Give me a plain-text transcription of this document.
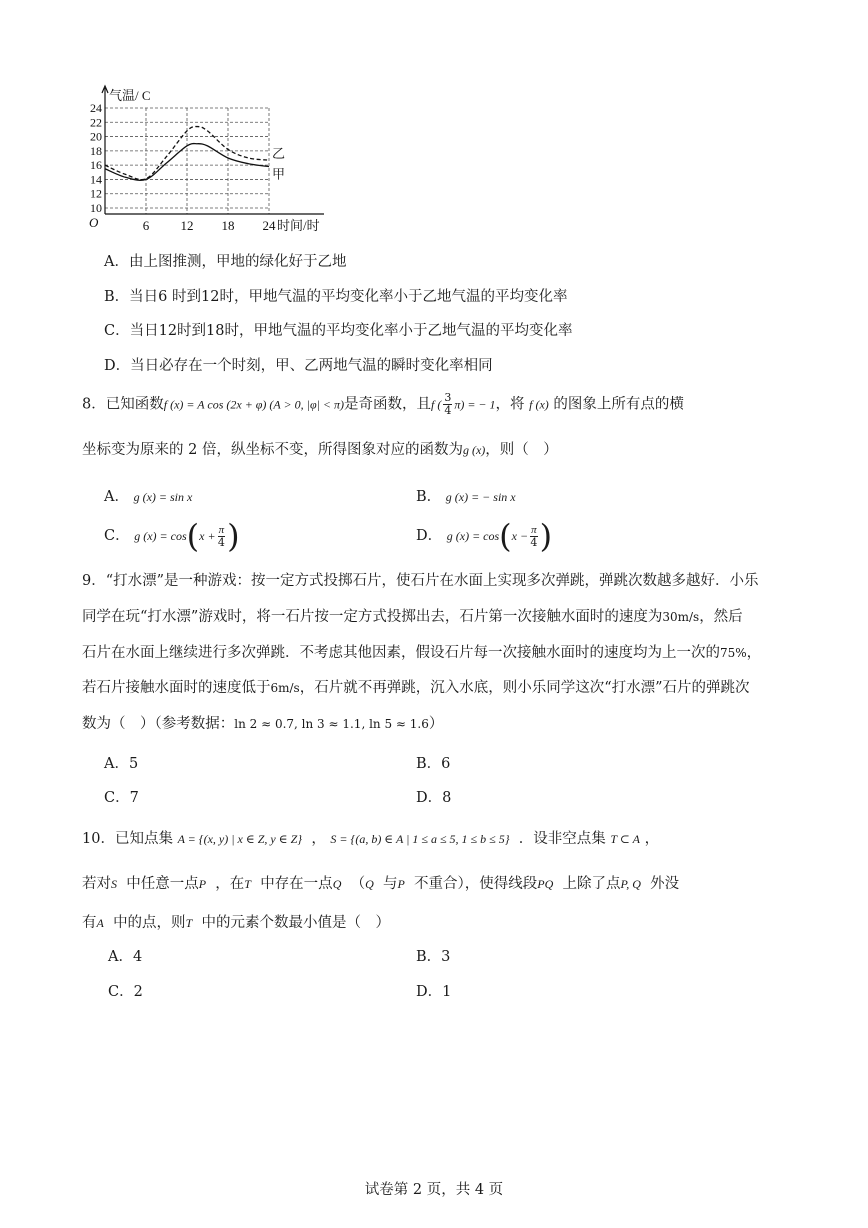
10
12
14
16
18
20
22
24
6 12 18 24
O
乙
甲
气温/ C
时间/时
A．由上图推测，甲地的绿化好于乙地
B．当日6 时到12时，甲地气温的平均变化率小于乙地气温的平均变化率
C．当日12时到18时，甲地气温的平均变化率小于乙地气温的平均变化率
D．当日必存在一个时刻，甲、乙两地气温的瞬时变化率相同
8．已知函数f (x) = A cos (2x + φ) (A > 0, |φ| < π)是奇函数，且f ( $\frac{3}{4} \pi$) = − 1，将 f (x) 的图象上所有点的横
坐标变为原来的 2 倍，纵坐标不变，所得图象对应的函数为g (x)，则（　）
A． g (x) = sin x	B． g (x) = − sin x
C． g $(x) = \cos(x + \frac{\pi}{4}$ )	D． g $(x) = \cos(x - \frac{\pi}{4}$ )
9．“打水漂”是一种游戏：按一定方式投掷石片，使石片在水面上实现多次弹跳，弹跳次数越多越好．小乐
同学在玩“打水漂”游戏时，将一石片按一定方式投掷出去，石片第一次接触水面时的速度为30m/s，然后
石片在水面上继续进行多次弹跳．不考虑其他因素，假设石片每一次接触水面时的速度均为上一次的75%，
若石片接触水面时的速度低于6m/s，石片就不再弹跳，沉入水底，则小乐同学这次“打水漂”石片的弹跳次
数为（　）（参考数据：ln 2 ≈ 0.7, ln 3 ≈ 1.1, ln 5 ≈ 1.6）
A．5	B．6
C．7	D．8
10．已知点集 A = {(x, y) | x ∈ Z, y ∈ Z} ， S = {(a, b) ∈ A | 1 ≤ a ≤ 5, 1 ≤ b ≤ 5} ．设非空点集 T ⊂ A ，
若对S 中任意一点P ，在T 中存在一点Q （Q 与P 不重合），使得线段PQ 上除了点P, Q 外没
有A 中的点，则T 中的元素个数最小值是（　）
A．4	B．3
C．2	D．1
试卷第 2 页，共 4 页
